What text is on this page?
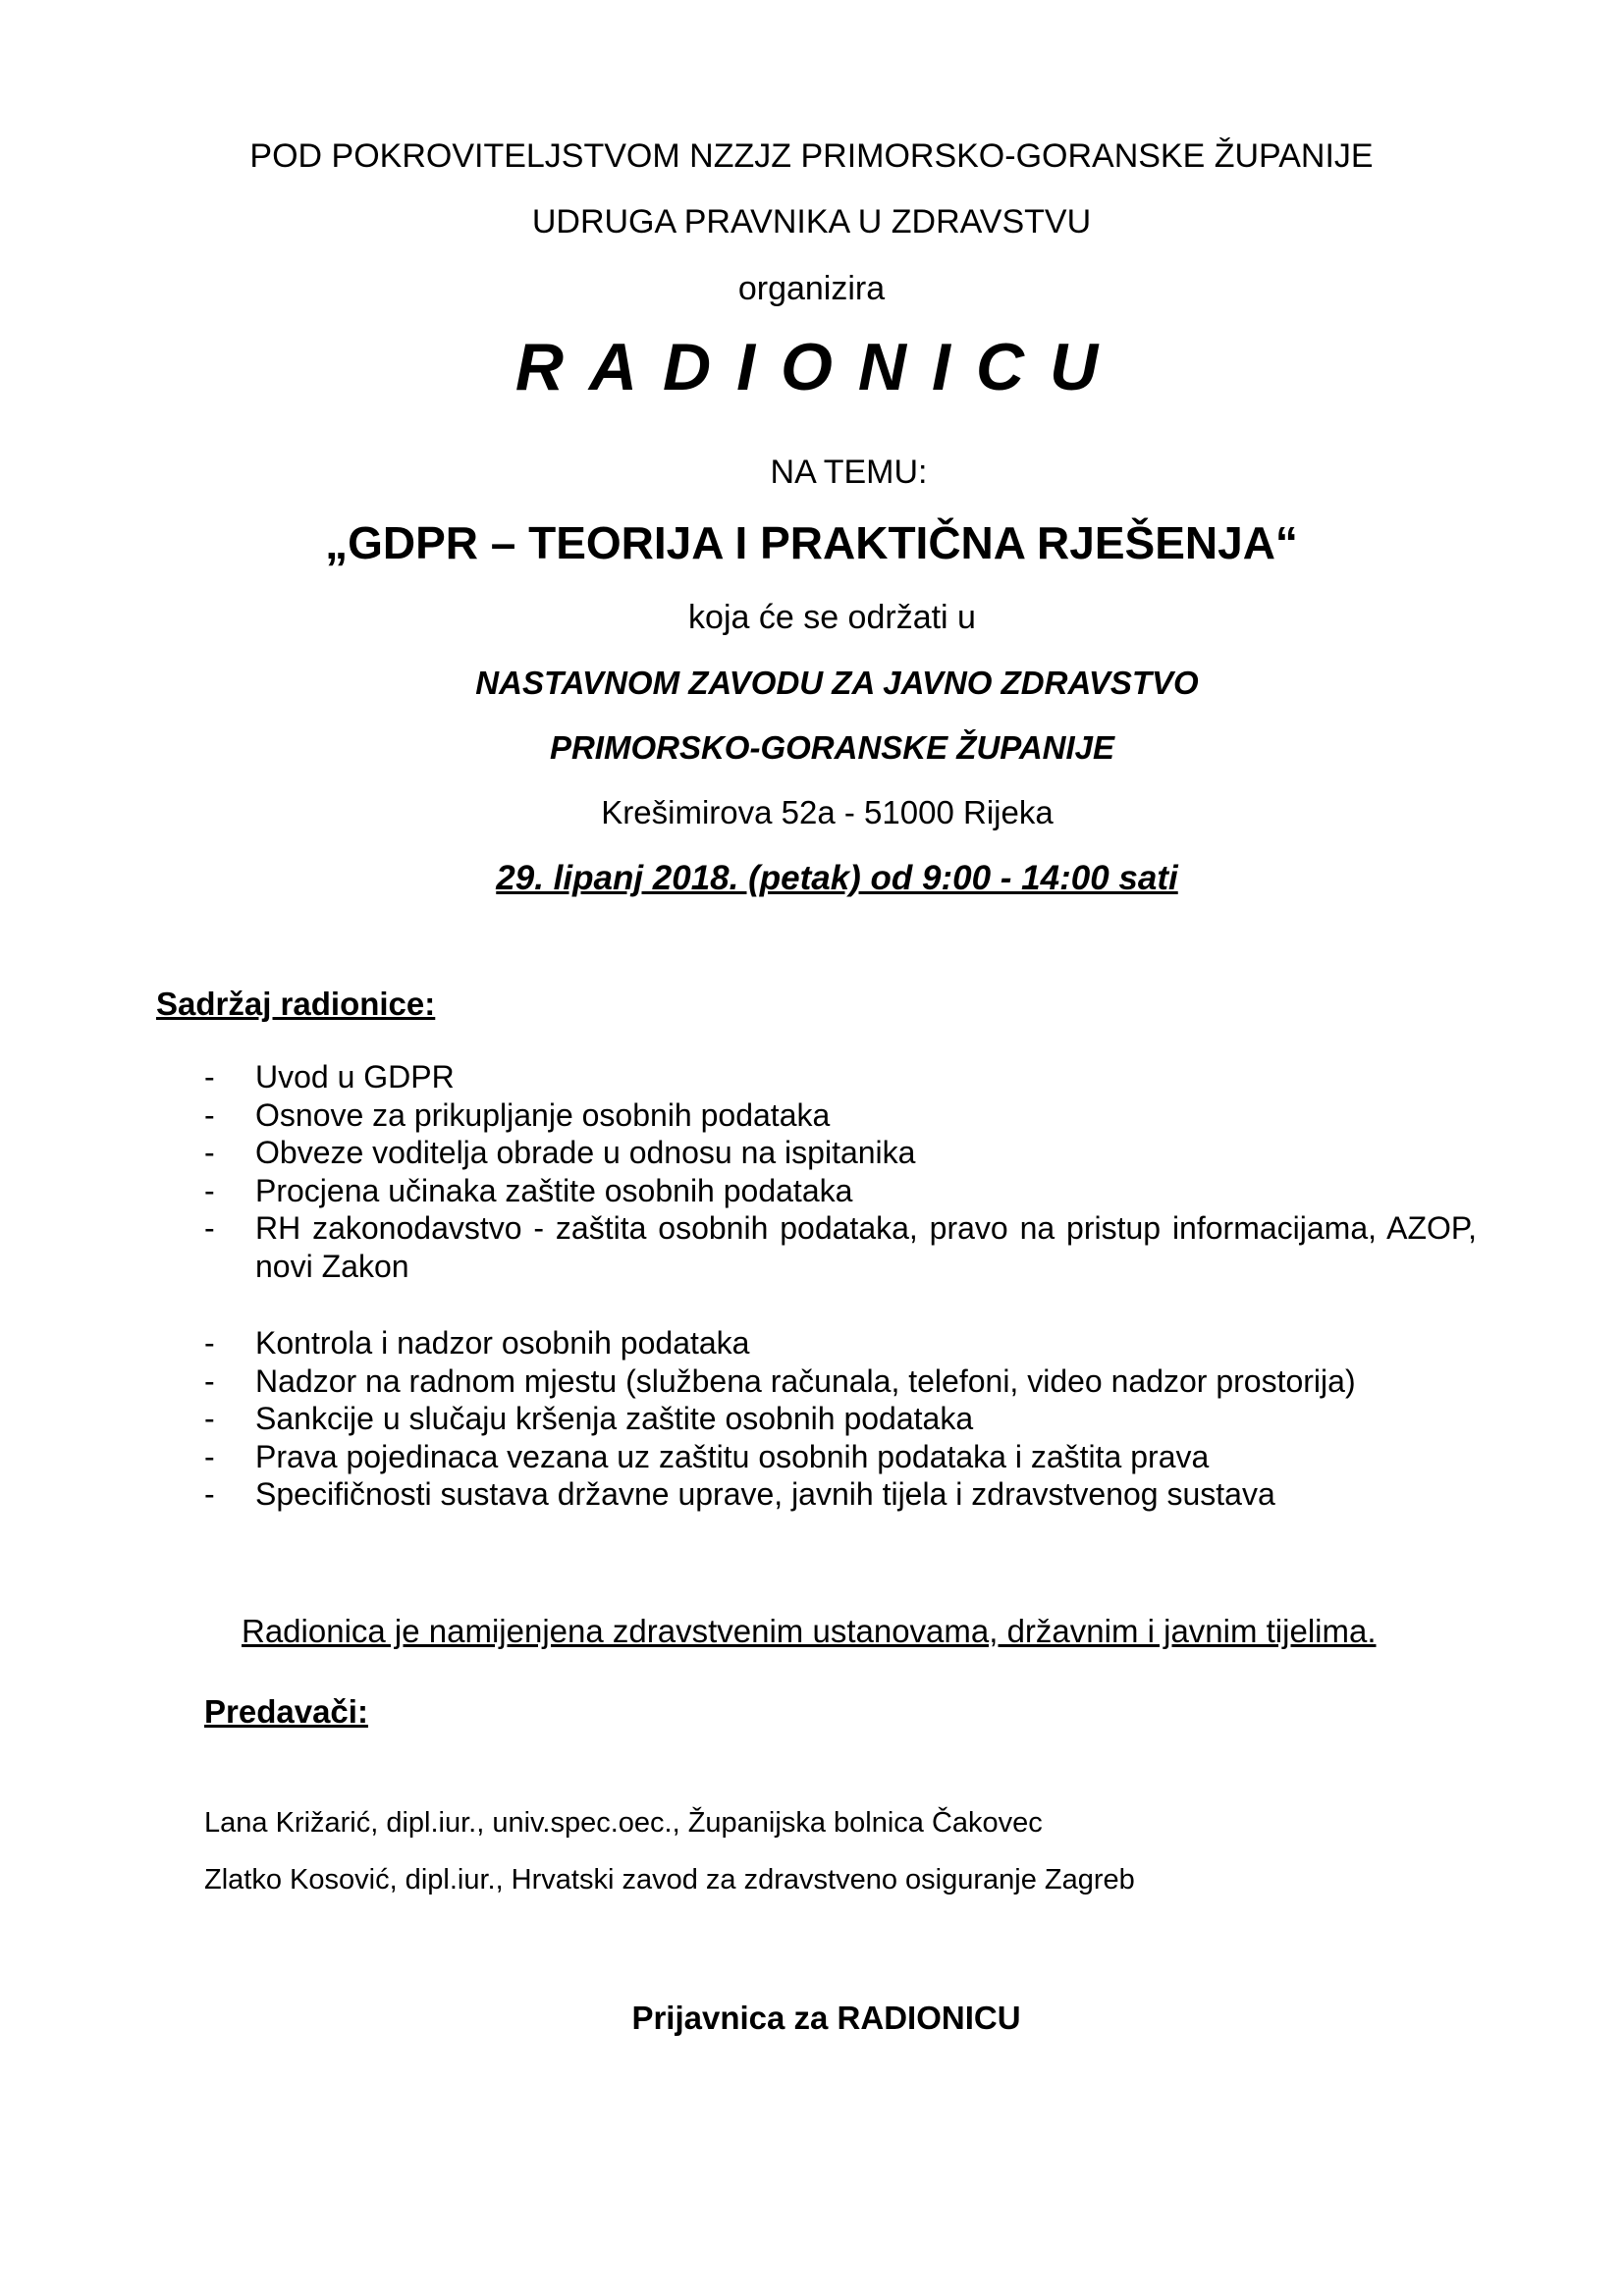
POD POKROVITELJSTVOM NZZJZ PRIMORSKO-GORANSKE ŽUPANIJE
UDRUGA PRAVNIKA U ZDRAVSTVU
organizira
RADIONICU
NA TEMU:
„GDPR – TEORIJA I PRAKTIČNA RJEŠENJA“
koja će se održati u
NASTAVNOM ZAVODU ZA JAVNO ZDRAVSTVO
PRIMORSKO-GORANSKE ŽUPANIJE
Krešimirova 52a - 51000 Rijeka
29. lipanj 2018. (petak) od 9:00 - 14:00 sati
Sadržaj radionice:
- Uvod u GDPR
- Osnove za prikupljanje osobnih podataka
- Obveze voditelja obrade u odnosu na ispitanika
- Procjena učinaka zaštite osobnih podataka
- RH zakonodavstvo - zaštita osobnih podataka, pravo na pristup informacijama, AZOP, novi Zakon
- Kontrola i nadzor osobnih podataka
- Nadzor na radnom mjestu (službena računala, telefoni, video nadzor prostorija)
- Sankcije u slučaju kršenja zaštite osobnih podataka
- Prava pojedinaca vezana uz zaštitu osobnih podataka i zaštita prava
- Specifičnosti sustava državne uprave, javnih tijela i zdravstvenog sustava
Radionica je namijenjena zdravstvenim ustanovama, državnim i javnim tijelima.
Predavači:
Lana Križarić, dipl.iur., univ.spec.oec., Županijska bolnica Čakovec
Zlatko Kosović, dipl.iur., Hrvatski zavod za zdravstveno osiguranje Zagreb
Prijavnica za RADIONICU
